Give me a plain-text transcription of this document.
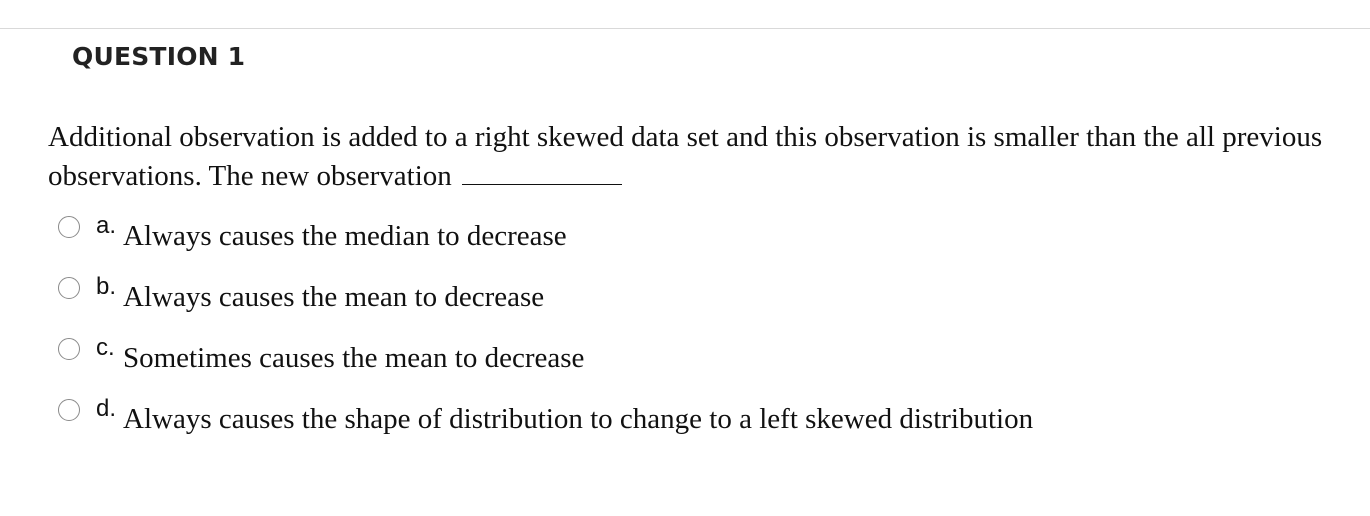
QUESTION 1
Additional observation is added to a right skewed data set and this observation is smaller than the all previous observations. The new observation
a. Always causes the median to decrease
b. Always causes the mean to decrease
c. Sometimes causes the mean to decrease
d. Always causes the shape of distribution to change to a left skewed distribution
